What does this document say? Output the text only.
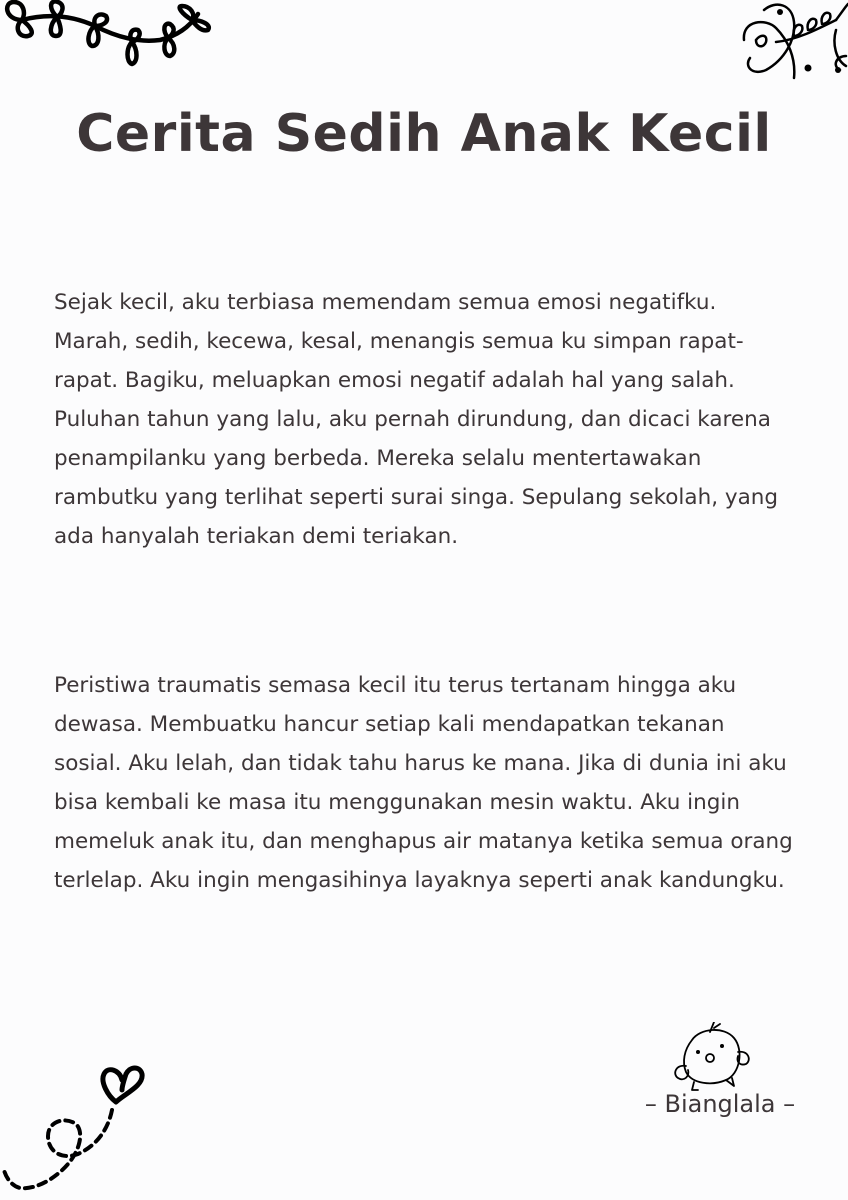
Cerita Sedih Anak Kecil

Sejak kecil, aku terbiasa memendam semua emosi negatifku.
Marah, sedih, kecewa, kesal, menangis semua ku simpan rapat-
rapat. Bagiku, meluapkan emosi negatif adalah hal yang salah.
Puluhan tahun yang lalu, aku pernah dirundung, dan dicaci karena
penampilanku yang berbeda. Mereka selalu mentertawakan
rambutku yang terlihat seperti surai singa. Sepulang sekolah, yang
ada hanyalah teriakan demi teriakan.

Peristiwa traumatis semasa kecil itu terus tertanam hingga aku
dewasa. Membuatku hancur setiap kali mendapatkan tekanan
sosial. Aku lelah, dan tidak tahu harus ke mana. Jika di dunia ini aku
bisa kembali ke masa itu menggunakan mesin waktu. Aku ingin
memeluk anak itu, dan menghapus air matanya ketika semua orang
terlelap. Aku ingin mengasihinya layaknya seperti anak kandungku.

– Bianglala –
